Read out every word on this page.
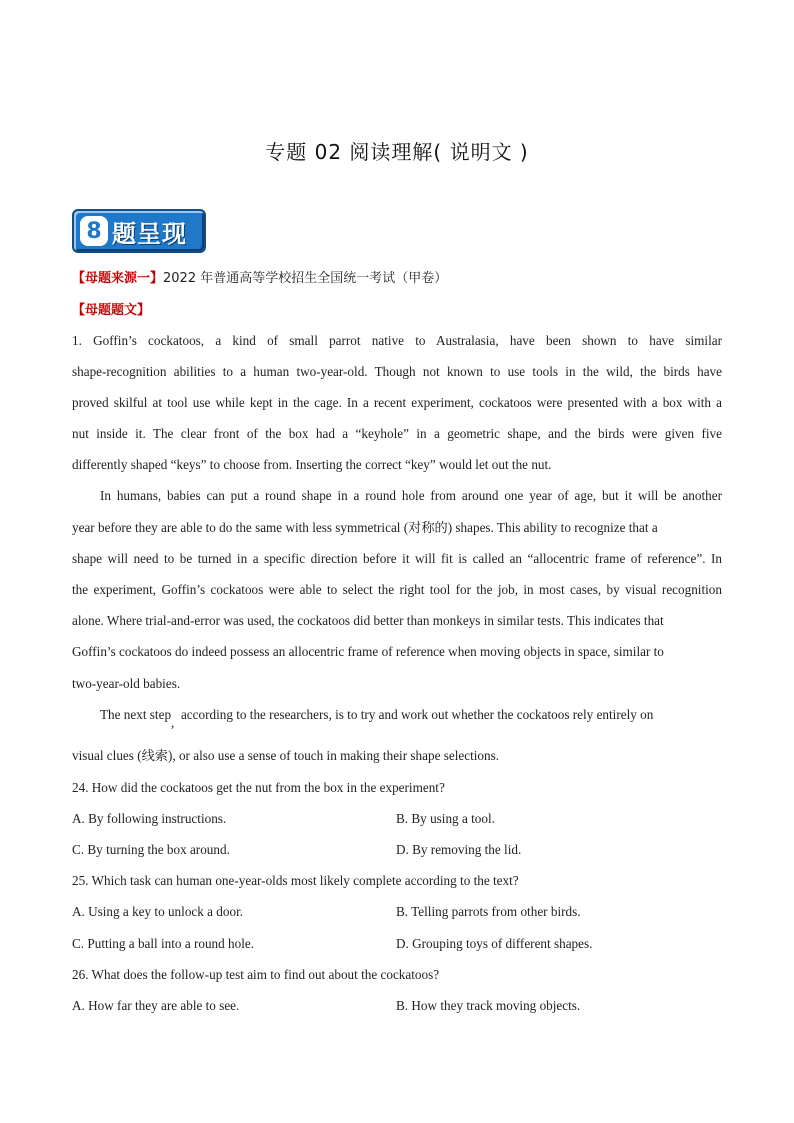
专题 02 阅读理解( 说明文 )
8 题呈现
【母题来源一】2022 年普通高等学校招生全国统一考试（甲卷）
【母题题文】
1. Goffin’s cockatoos, a kind of small parrot native to Australasia, have been shown to have similar
shape-recognition abilities to a human two-year-old. Though not known to use tools in the wild, the birds have
proved skilful at tool use while kept in the cage. In a recent experiment, cockatoos were presented with a box with a
nut inside it. The clear front of the box had a “keyhole” in a geometric shape, and the birds were given five
differently shaped “keys” to choose from. Inserting the correct “key” would let out the nut.
In humans, babies can put a round shape in a round hole from around one year of age, but it will be another
year before they are able to do the same with less symmetrical (对称的) shapes. This ability to recognize that a
shape will need to be turned in a specific direction before it will fit is called an “allocentric frame of reference”. In
the experiment, Goffin’s cockatoos were able to select the right tool for the job, in most cases, by visual recognition
alone. Where trial-and-error was used, the cockatoos did better than monkeys in similar tests. This indicates that
Goffin’s cockatoos do indeed possess an allocentric frame of reference when moving objects in space, similar to
two-year-old babies.
The next step,  according to the researchers, is to try and work out whether the cockatoos rely entirely on
visual clues (线索), or also use a sense of touch in making their shape selections.
24. How did the cockatoos get the nut from the box in the experiment?
A. By following instructions.	B. By using a tool.
C. By turning the box around.	D. By removing the lid.
25. Which task can human one-year-olds most likely complete according to the text?
A. Using a key to unlock a door.	B. Telling parrots from other birds.
C. Putting a ball into a round hole.	D. Grouping toys of different shapes.
26. What does the follow-up test aim to find out about the cockatoos?
A. How far they are able to see.	B. How they track moving objects.
